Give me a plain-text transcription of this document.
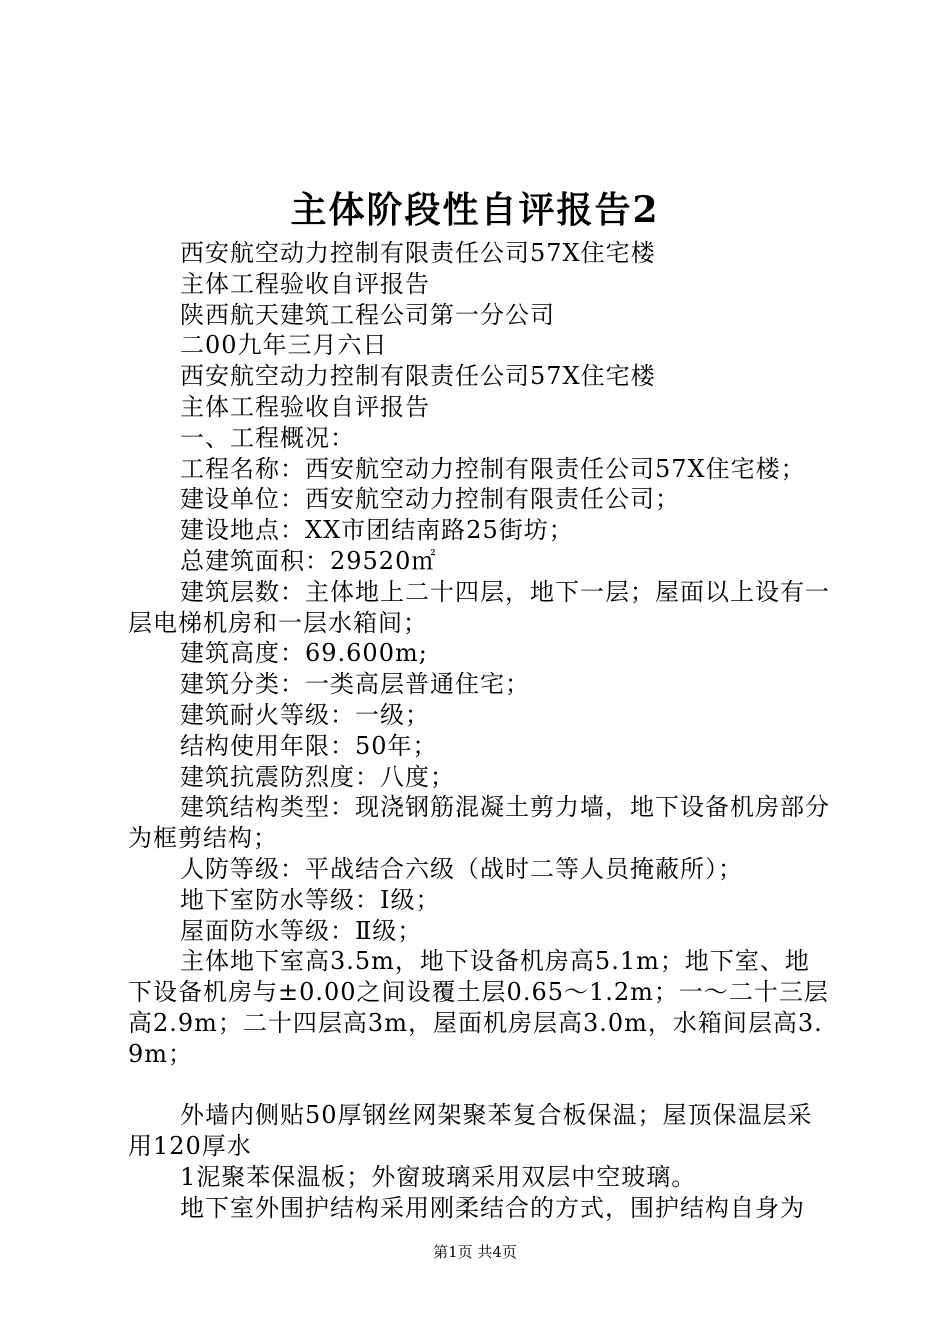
主体阶段性自评报告2

西安航空动力控制有限责任公司57X住宅楼

主体工程验收自评报告

陕西航天建筑工程公司第一分公司

二00九年三月六日

西安航空动力控制有限责任公司57X住宅楼

主体工程验收自评报告

一、工程概况：

工程名称：西安航空动力控制有限责任公司57X住宅楼；

建设单位：西安航空动力控制有限责任公司；

建设地点：XX市团结南路25街坊；

总建筑面积：29520㎡

建筑层数：主体地上二十四层，地下一层；屋面以上设有一层电梯机房和一层水箱间；

建筑高度：69.600m;

建筑分类：一类高层普通住宅；

建筑耐火等级：一级；

结构使用年限：50年；

建筑抗震防烈度：八度；

建筑结构类型：现浇钢筋混凝土剪力墙，地下设备机房部分为框剪结构；

人防等级：平战结合六级（战时二等人员掩蔽所）；

地下室防水等级：Ⅰ级；

屋面防水等级：Ⅱ级；

主体地下室高3.5m，地下设备机房高5.1m；地下室、地下设备机房与±0.00之间设覆土层0.65～1.2m；一～二十三层高2.9m；二十四层高3m，屋面机房层高3.0m，水箱间层高3.9m；

外墙内侧贴50厚钢丝网架聚苯复合板保温；屋顶保温层采用120厚水

1泥聚苯保温板；外窗玻璃采用双层中空玻璃。

地下室外围护结构采用刚柔结合的方式，围护结构自身为

第1页 共4页
